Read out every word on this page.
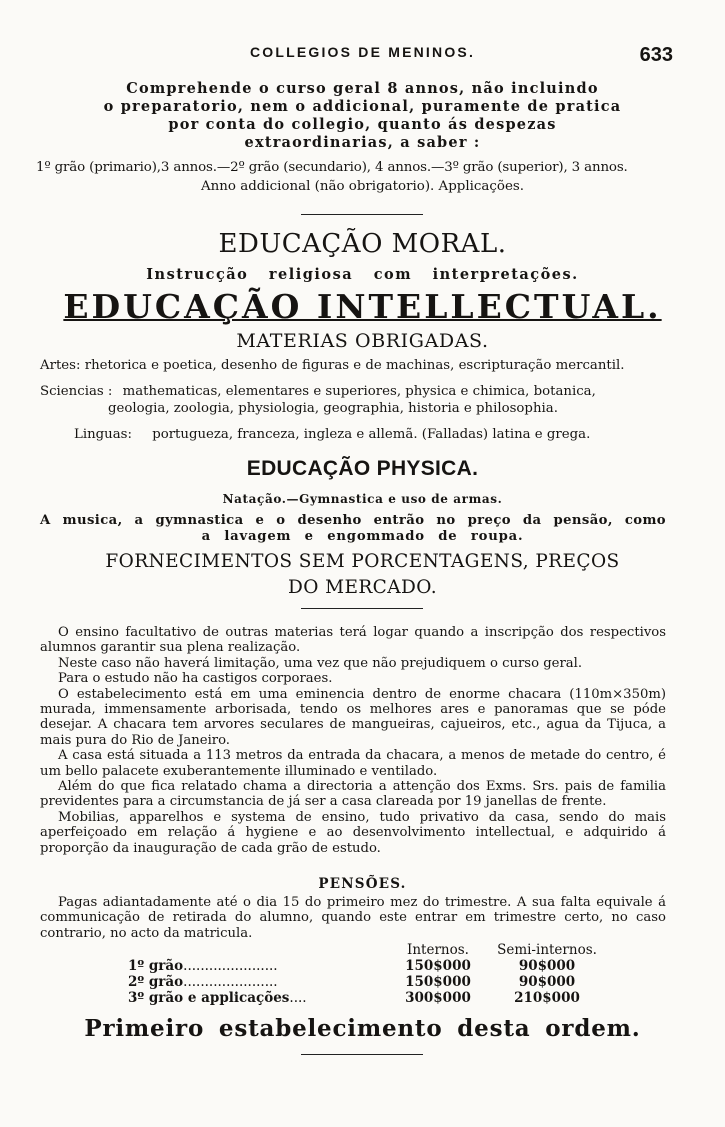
COLLEGIOS DE MENINOS.	633
Comprehende o curso geral 8 annos, não incluindo
o preparatorio, nem o addicional, puramente de pratica
por conta do collegio, quanto ás despezas
extraordinarias, a saber :
1º grão (primario),3 annos.—2º grão (secundario), 4 annos.—3º grão (superior), 3 annos.
Anno addicional (não obrigatorio). Applicações.
EDUCAÇÃO MORAL.
Instrucção religiosa com interpretações.
EDUCAÇÃO INTELLECTUAL.
MATERIAS OBRIGADAS.
Artes: rhetorica e poetica, desenho de figuras e de machinas, escripturação mercantil.
Sciencias : mathematicas, elementares e superiores, physica e chimica, botanica,
geologia, zoologia, physiologia, geographia, historia e philosophia.
Linguas: portugueza, franceza, ingleza e allemã. (Falladas) latina e grega.
EDUCAÇÃO PHYSICA.
Natação.—Gymnastica e uso de armas.
A musica, a gymnastica e o desenho entrão no preço da pensão, como
a lavagem e engommado de roupa.
FORNECIMENTOS SEM PORCENTAGENS, PREÇOS
DO MERCADO.

O ensino facultativo de outras materias terá logar quando a inscripção dos respectivos alumnos garantir sua plena realização.

Neste caso não haverá limitação, uma vez que não prejudiquem o curso geral.

Para o estudo não ha castigos corporaes.

O estabelecimento está em uma eminencia dentro de enorme chacara (110m×350m) murada, immensamente arborisada, tendo os melhores ares e panoramas que se póde desejar. A chacara tem arvores seculares de mangueiras, cajueiros, etc., agua da Tijuca, a mais pura do Rio de Janeiro.

A casa está situada a 113 metros da entrada da chacara, a menos de metade do centro, é um bello palacete exuberantemente illuminado e ventilado.

Além do que fica relatado chama a directoria a attenção dos Exms. Srs. pais de familia previdentes para a circumstancia de já ser a casa clareada por 19 janellas de frente.

Mobilias, apparelhos e systema de ensino, tudo privativo da casa, sendo do mais aperfeiçoado em relação á hygiene e ao desenvolvimento intellectual, e adquirido á proporção da inauguração de cada grão de estudo.

PENSÕES.

Pagas adiantadamente até o dia 15 do primeiro mez do trimestre. A sua falta equivale á communicação de retirada do alumno, quando este entrar em trimestre certo, no caso contrario, no acto da matricula.

	Internos.	Semi-internos.
1º grão......................	150$000	90$000
2º grão......................	150$000	90$000
3º grão e applicações....	300$000	210$000
Primeiro estabelecimento desta ordem.
